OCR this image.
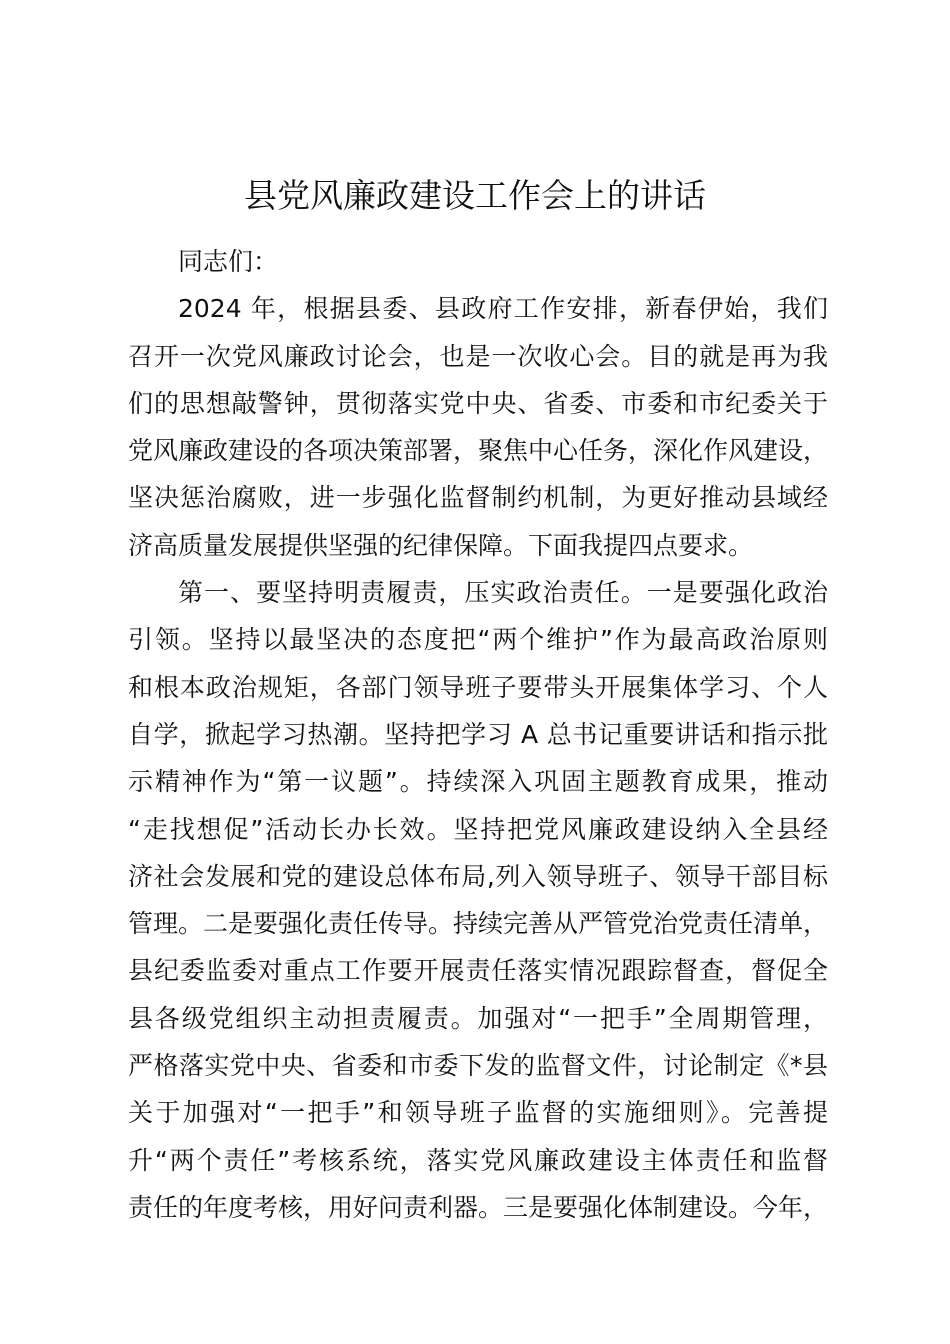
县党风廉政建设工作会上的讲话
同志们：
2024 年，根据县委、县政府工作安排，新春伊始，我们
召开一次党风廉政讨论会，也是一次收心会。目的就是再为我
们的思想敲警钟，贯彻落实党中央、省委、市委和市纪委关于
党风廉政建设的各项决策部署，聚焦中心任务，深化作风建设，
坚决惩治腐败，进一步强化监督制约机制，为更好推动县域经
济高质量发展提供坚强的纪律保障。下面我提四点要求。
第一、要坚持明责履责，压实政治责任。一是要强化政治
引领。坚持以最坚决的态度把“两个维护”作为最高政治原则
和根本政治规矩，各部门领导班子要带头开展集体学习、个人
自学，掀起学习热潮。坚持把学习 A 总书记重要讲话和指示批
示精神作为“第一议题”。持续深入巩固主题教育成果，推动
“走找想促”活动长办长效。坚持把党风廉政建设纳入全县经
济社会发展和党的建设总体布局,列入领导班子、领导干部目标
管理。二是要强化责任传导。持续完善从严管党治党责任清单，
县纪委监委对重点工作要开展责任落实情况跟踪督查，督促全
县各级党组织主动担责履责。加强对“一把手”全周期管理，
严格落实党中央、省委和市委下发的监督文件，讨论制定《*县
关于加强对“一把手”和领导班子监督的实施细则》。完善提
升“两个责任”考核系统，落实党风廉政建设主体责任和监督
责任的年度考核，用好问责利器。三是要强化体制建设。今年，
